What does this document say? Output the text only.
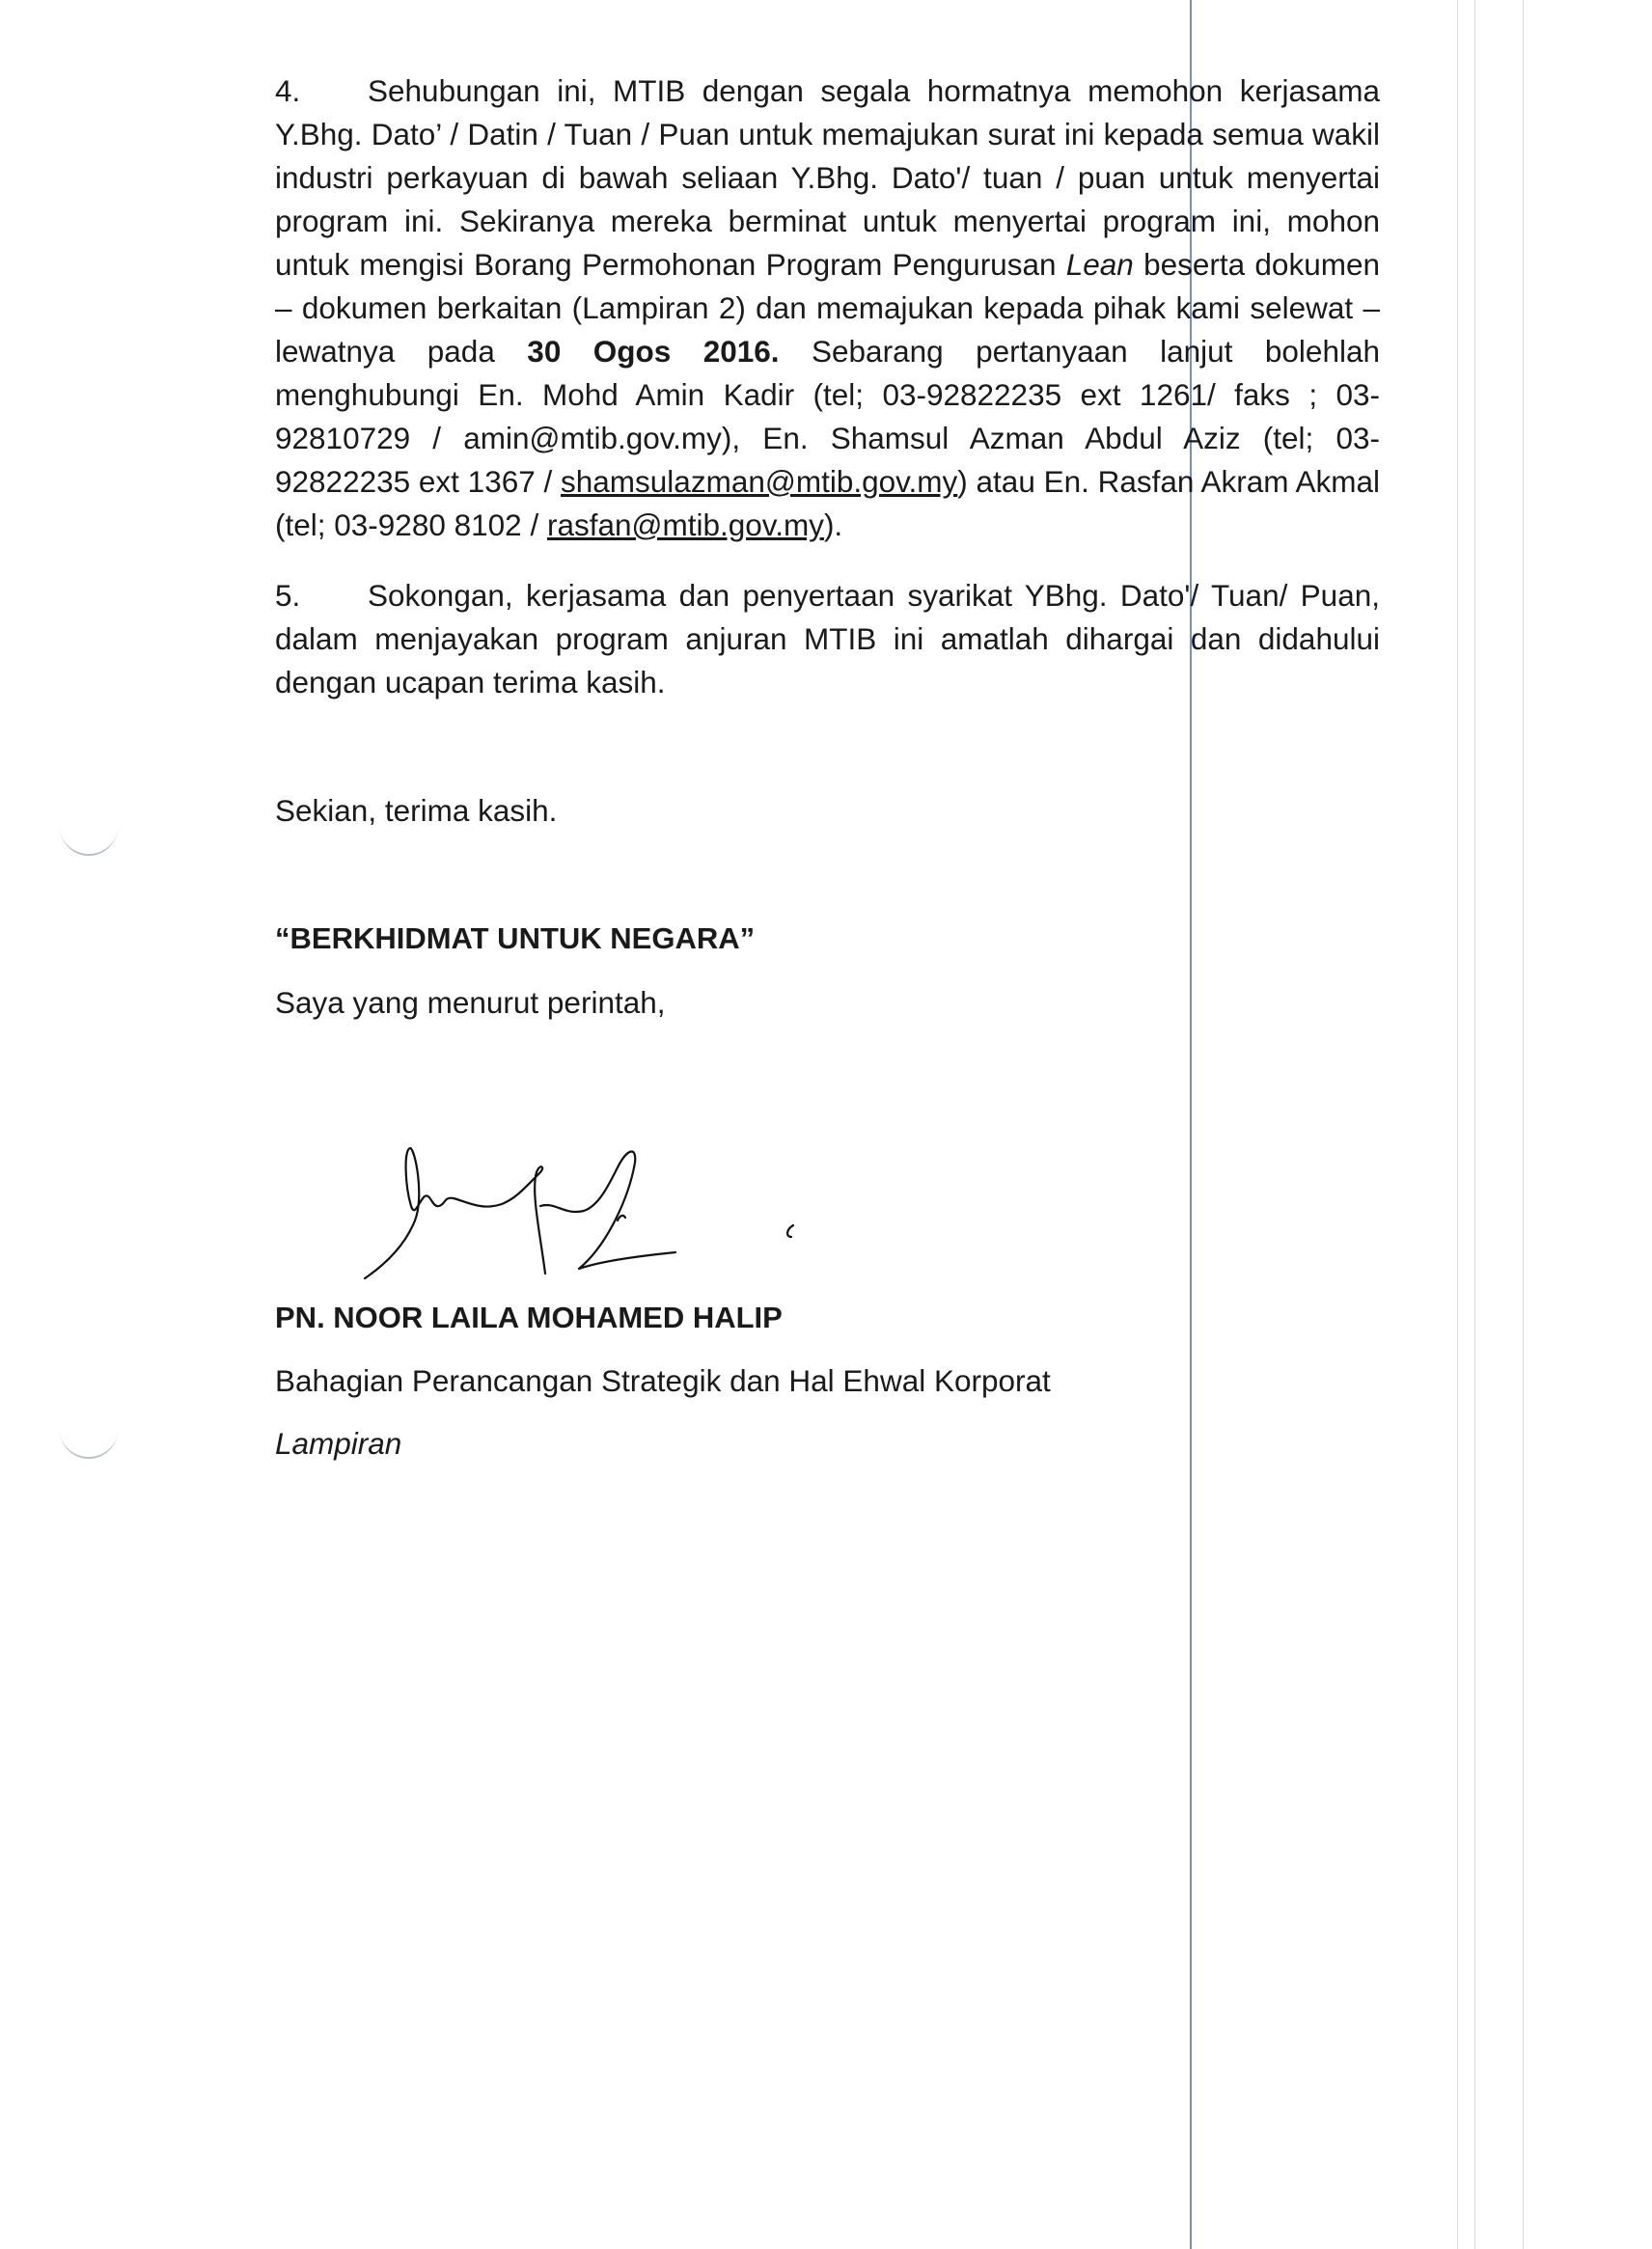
4. Sehubungan ini, MTIB dengan segala hormatnya memohon kerjasama Y.Bhg. Dato’ / Datin / Tuan / Puan untuk memajukan surat ini kepada semua wakil industri perkayuan di bawah seliaan Y.Bhg. Dato'/ tuan / puan untuk menyertai program ini. Sekiranya mereka berminat untuk menyertai program ini, mohon untuk mengisi Borang Permohonan Program Pengurusan Lean beserta dokumen – dokumen berkaitan (Lampiran 2) dan memajukan kepada pihak kami selewat – lewatnya pada 30 Ogos 2016. Sebarang pertanyaan lanjut bolehlah menghubungi En. Mohd Amin Kadir (tel; 03-92822235 ext 1261/ faks ; 03-92810729 / amin@mtib.gov.my), En. Shamsul Azman Abdul Aziz (tel; 03-92822235 ext 1367 / shamsulazman@mtib.gov.my) atau En. Rasfan Akram Akmal (tel; 03-9280 8102 / rasfan@mtib.gov.my).
5. Sokongan, kerjasama dan penyertaan syarikat YBhg. Dato'/ Tuan/ Puan, dalam menjayakan program anjuran MTIB ini amatlah dihargai dan didahului dengan ucapan terima kasih.
Sekian, terima kasih.
“BERKHIDMAT UNTUK NEGARA”
Saya yang menurut perintah,
PN. NOOR LAILA MOHAMED HALIP
Bahagian Perancangan Strategik dan Hal Ehwal Korporat
Lampiran
